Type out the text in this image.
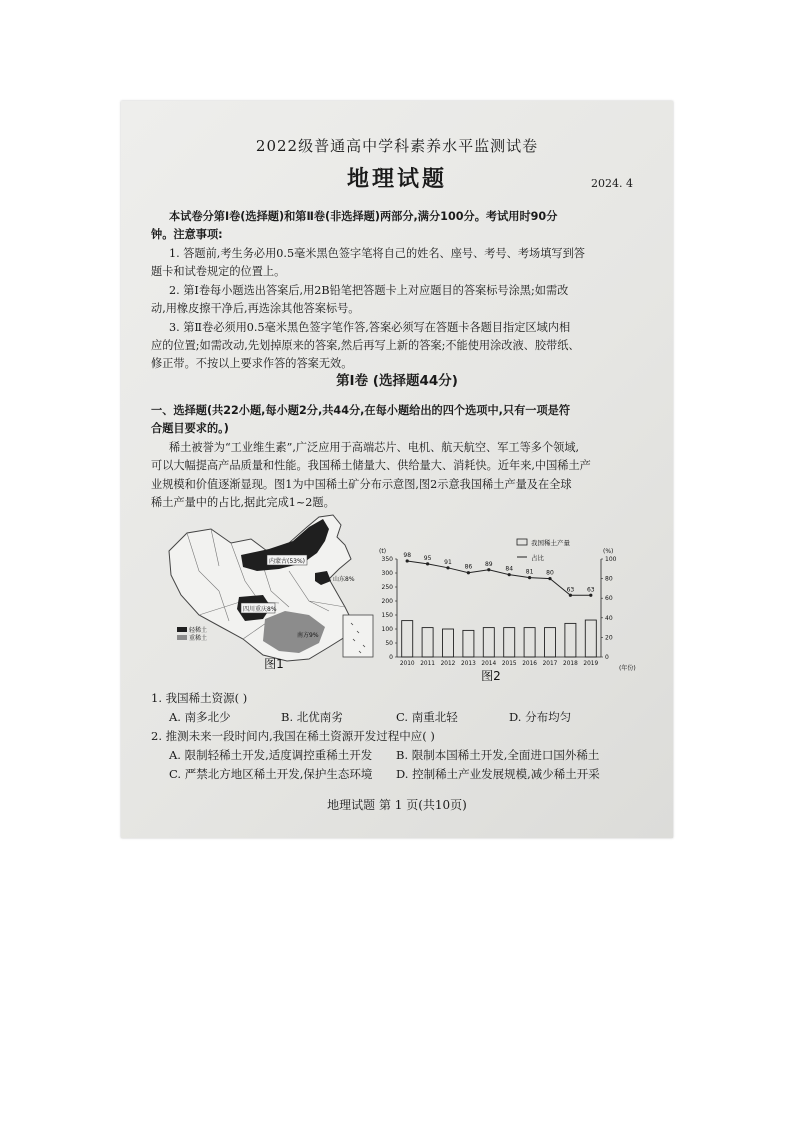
2022级普通高中学科素养水平监测试卷
地理试题	2024. 4
本试卷分第Ⅰ卷(选择题)和第Ⅱ卷(非选择题)两部分,满分100分。考试用时90分
钟。注意事项:
1. 答题前,考生务必用0.5毫米黑色签字笔将自己的姓名、座号、考号、考场填写到答
题卡和试卷规定的位置上。
2. 第Ⅰ卷每小题选出答案后,用2B铅笔把答题卡上对应题目的答案标号涂黑;如需改
动,用橡皮擦干净后,再选涂其他答案标号。
3. 第Ⅱ卷必须用0.5毫米黑色签字笔作答,答案必须写在答题卡各题目指定区域内相
应的位置;如需改动,先划掉原来的答案,然后再写上新的答案;不能使用涂改液、胶带纸、
修正带。不按以上要求作答的答案无效。
第Ⅰ卷 (选择题44分)
一、选择题(共22小题,每小题2分,共44分,在每小题给出的四个选项中,只有一项是符
合题目要求的。)
稀土被誉为“工业维生素”,广泛应用于高端芯片、电机、航天航空、军工等多个领域,
可以大幅提高产品质量和性能。我国稀土储量大、供给量大、消耗快。近年来,中国稀土产
业规模和价值逐渐显现。图1为中国稀土矿分布示意图,图2示意我国稀土产量及在全球
稀土产量中的占比,据此完成1~2题。
内蒙古(53%)
山东8%
四川重庆8%
南方9%
轻稀土
重稀土
图1	0
50
100
150
200
250
300
350
0
20
40
60
80
100
2010 2011 2012 2013 2014 2015 2016 2017 2018 2019
98 95
91
86 89
84 81 80
63 63
我国稀土产量
占比
(t)	(%)
(年份)
图2
1. 我国稀土资源( )
A. 南多北少	B. 北优南劣	C. 南重北轻	D. 分布均匀
2. 推测未来一段时间内,我国在稀土资源开发过程中应( )
A. 限制轻稀土开发,适度调控重稀土开发 B. 限制本国稀土开发,全面进口国外稀土
C. 严禁北方地区稀土开发,保护生态环境 D. 控制稀土产业发展规模,减少稀土开采
地理试题 第 1 页(共10页)
